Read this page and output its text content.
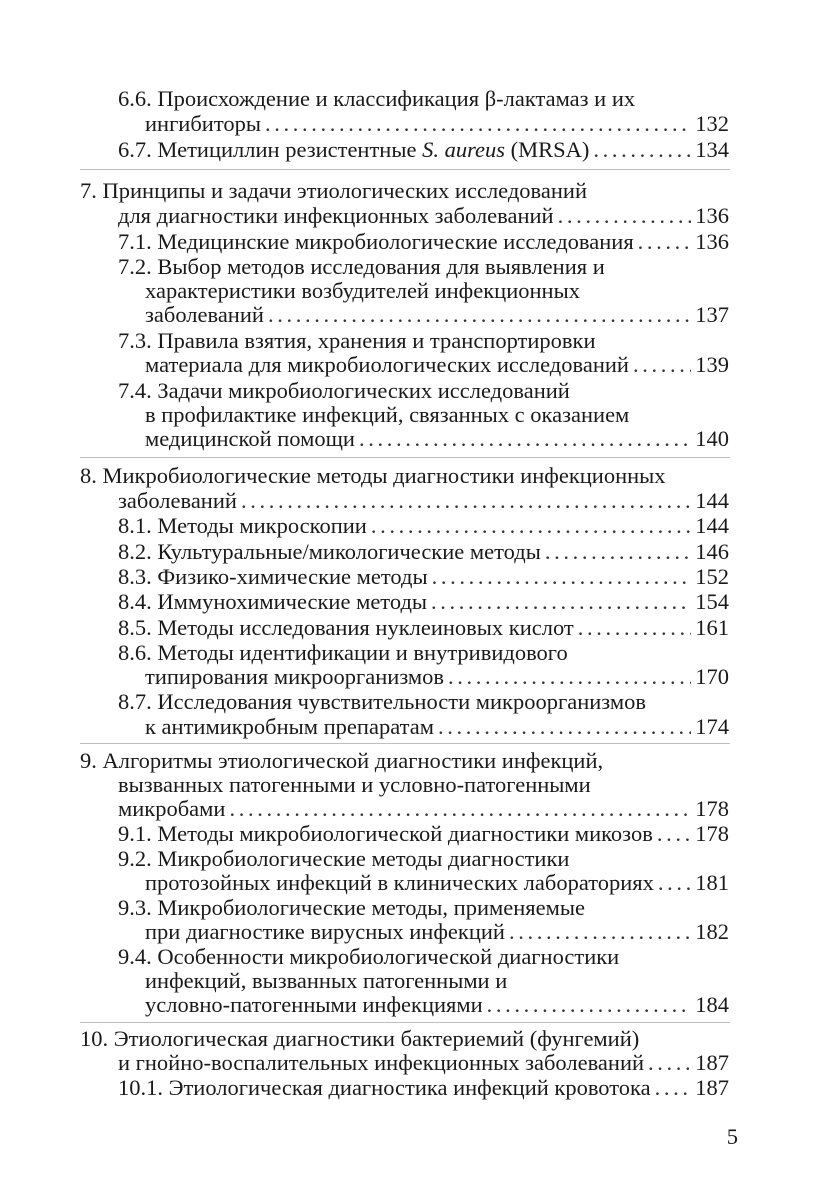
6.6. Происхождение и классификация β-лактамаз и их
ингибиторы . . .	132
6.7. Метициллин резистентные S. aureus (MRSA) . . .	134
7. Принципы и задачи этиологических исследований
для диагностики инфекционных заболеваний . . .	136
7.1. Медицинские микробиологические исследования . . .	136
7.2. Выбор методов исследования для выявления и
характеристики возбудителей инфекционных
заболеваний . . .	137
7.3. Правила взятия, хранения и транспортировки
материала для микробиологических исследований . . .	139
7.4. Задачи микробиологических исследований
в профилактике инфекций, связанных с оказанием
медицинской помощи . . .	140
8. Микробиологические методы диагностики инфекционных
заболеваний . . .	144
8.1. Методы микроскопии . . .	144
8.2. Культуральные/микологические методы . . .	146
8.3. Физико-химические методы . . .	152
8.4. Иммунохимические методы . . .	154
8.5. Методы исследования нуклеиновых кислот . . .	161
8.6. Методы идентификации и внутривидового
типирования микроорганизмов . . .	170
8.7. Исследования чувствительности микроорганизмов
к антимикробным препаратам . . .	174
9. Алгоритмы этиологической диагностики инфекций,
вызванных патогенными и условно-патогенными
микробами . . .	178
9.1. Методы микробиологической диагностики микозов . . . 178
9.2. Микробиологические методы диагностики
протозойных инфекций в клинических лабораториях . . . 181
9.3. Микробиологические методы, применяемые
при диагностике вирусных инфекций . . .	182
9.4. Особенности микробиологической диагностики
инфекций, вызванных патогенными и
условно-патогенными инфекциями . . .	184
10. Этиологическая диагностики бактериемий (фунгемий)
и гнойно-воспалительных инфекционных заболеваний . . . 187
10.1. Этиологическая диагностика инфекций кровотока . . . 187
5
